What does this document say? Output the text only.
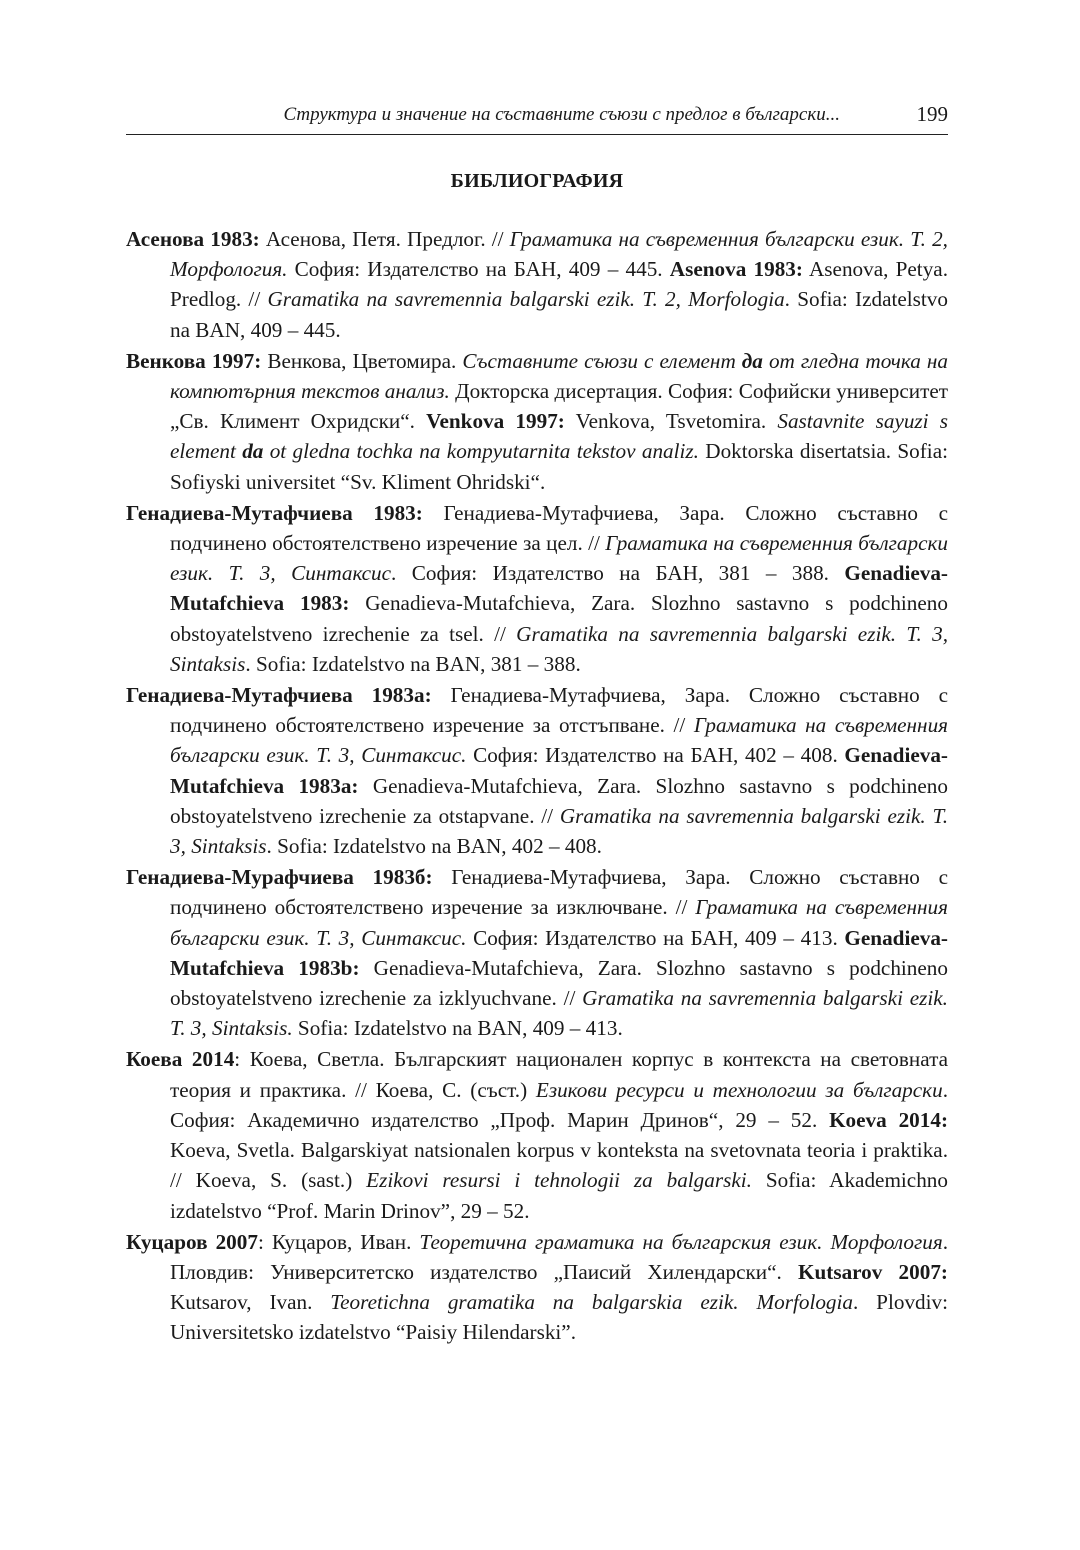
Структура и значение на съставните съюзи с предлог в български...	199
БИБЛИОГРАФИЯ

Асенова 1983: Асенова, Петя. Предлог. // Граматика на съвременния български език. Т. 2, Морфология. София: Издателство на БАН, 409 – 445. Asenova 1983: Asenova, Petya. Predlog. // Gramatika na savremennia balgarski ezik. T. 2, Morfologia. Sofia: Izdatelstvo na BAN, 409 – 445.

Венкова 1997: Венкова, Цветомира. Съставните съюзи с елемент да от гледна точка на компютърния текстов анализ. Докторска дисертация. София: Софийски университет „Св. Климент Охридски“. Venkova 1997: Venkova, Tsvetomira. Sastavnite sayuzi s element da ot gledna tochka na kompyutarnita tekstov analiz. Doktorska disertatsia. Sofia: Sofiyski universitet “Sv. Kliment Ohridski“.

Генадиева-Мутафчиева 1983: Генадиева-Мутафчиева, Зара. Сложно съставно с подчинено обстоятелствено изречение за цел. // Граматика на съвременния български език. Т. 3, Синтаксис. София: Издателство на БАН, 381 – 388. Genadieva-Mutafchieva 1983: Genadieva-Mutafchieva, Zara. Slozhno sastavno s podchineno obstoyatelstveno izrechenie za tsel. // Gramatika na savremennia balgarski ezik. T. 3, Sintaksis. Sofia: Izdatelstvo na BAN, 381 – 388.

Генадиева-Мутафчиева 1983а: Генадиева-Мутафчиева, Зара. Сложно съставно с подчинено обстоятелствено изречение за отстъпване. // Граматика на съвременния български език. Т. 3, Синтаксис. София: Издателство на БАН, 402 – 408. Genadieva-Mutafchieva 1983a: Genadieva-Mutafchieva, Zara. Slozhno sastavno s podchineno obstoyatelstveno izrechenie za otstapvane. // Gramatika na savremennia balgarski ezik. T. 3, Sintaksis. Sofia: Izdatelstvo na BAN, 402 – 408.

Генадиева-Мурафчиева 1983б: Генадиева-Мутафчиева, Зара. Сложно съставно с подчинено обстоятелствено изречение за изключване. // Граматика на съвременния български език. Т. 3, Синтаксис. София: Издателство на БАН, 409 – 413. Genadieva-Mutafchieva 1983b: Genadieva-Mutafchieva, Zara. Slozhno sastavno s podchineno obstoyatelstveno izrechenie za izklyuchvane. // Gramatika na savremennia balgarski ezik. T. 3, Sintaksis. Sofia: Izdatelstvo na BAN, 409 – 413.

Коева 2014: Коева, Светла. Българският национален корпус в контекста на световната теория и практика. // Коева, С. (съст.) Езикови ресурси и технологии за български. София: Академично издателство „Проф. Марин Дринов“, 29 – 52. Koeva 2014: Koeva, Svetla. Balgarskiyat natsionalen korpus v konteksta na svetovnata teoria i praktika. // Koeva, S. (sast.) Ezikovi resursi i tehnologii za balgarski. Sofia: Akademichno izdatelstvo “Prof. Marin Drinov”, 29 – 52.

Куцаров 2007: Куцаров, Иван. Теоретична граматика на българския език. Морфология. Пловдив: Университетско издателство „Паисий Хилендарски“. Kutsarov 2007: Kutsarov, Ivan. Teoretichna gramatika na balgarskia ezik. Morfologia. Plovdiv: Universitetsko izdatelstvo “Paisiy Hilendarski”.
